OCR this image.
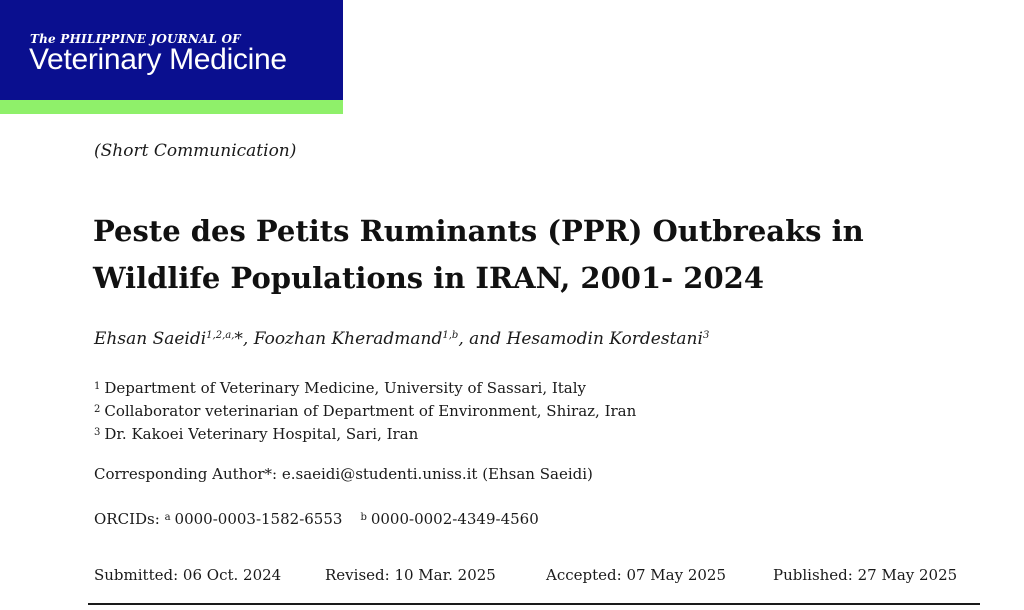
The PHILIPPINE JOURNAL OF
Veterinary Medicine
(Short Communication)
Peste des Petits Ruminants (PPR) Outbreaks in
Wildlife Populations in IRAN, 2001- 2024
Ehsan Saeidi$^{1,2,a,}$*, Foozhan Kheradmand$^{1,b}$, and Hesamodin Kordestani$^3$
$^1$ Department of Veterinary Medicine, University of Sassari, Italy
$^2$ Collaborator veterinarian of Department of Environment, Shiraz, Iran
$^3$ Dr. Kakoei Veterinary Hospital, Sari, Iran
Corresponding Author*: e.saeidi@studenti.uniss.it (Ehsan Saeidi)
ORCIDs: $^a$ 0000-0003-1582-6553 $^b$ 0000-0002-4349-4560
Submitted: 06 Oct. 2024	Revised: 10 Mar. 2025	Accepted: 07 May 2025	Published: 27 May 2025
